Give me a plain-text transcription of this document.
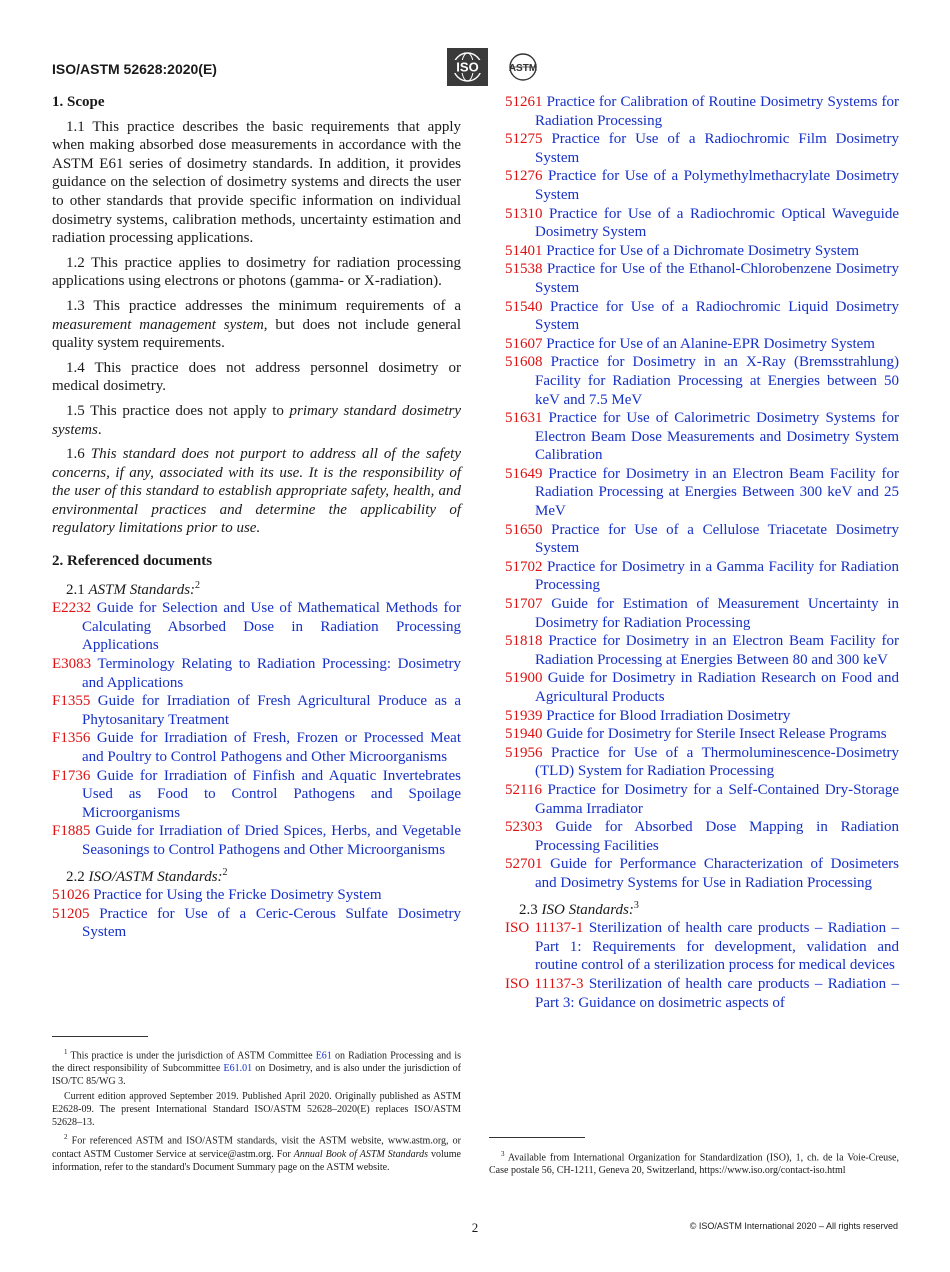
ISO/ASTM 52628:2020(E)	ISO	ASTM
1. Scope

1.1 This practice describes the basic requirements that apply when making absorbed dose measurements in accordance with the ASTM E61 series of dosimetry standards. In addition, it provides guidance on the selection of dosimetry systems and directs the user to other standards that provide specific information on individual dosimetry systems, calibration methods, uncertainty estimation and radiation processing applications.

1.2 This practice applies to dosimetry for radiation processing applications using electrons or photons (gamma- or X-radiation).

1.3 This practice addresses the minimum requirements of a measurement management system, but does not include general quality system requirements.

1.4 This practice does not address personnel dosimetry or medical dosimetry.

1.5 This practice does not apply to primary standard dosimetry systems.

1.6 This standard does not purport to address all of the safety concerns, if any, associated with its use. It is the responsibility of the user of this standard to establish appropriate safety, health, and environmental practices and determine the applicability of regulatory limitations prior to use.

2. Referenced documents

2.1 ASTM Standards:$^2$

E2232 Guide for Selection and Use of Mathematical Methods for Calculating Absorbed Dose in Radiation Processing Applications

E3083 Terminology Relating to Radiation Processing: Dosimetry and Applications

F1355 Guide for Irradiation of Fresh Agricultural Produce as a Phytosanitary Treatment

F1356 Guide for Irradiation of Fresh, Frozen or Processed Meat and Poultry to Control Pathogens and Other Microorganisms

F1736 Guide for Irradiation of Finfish and Aquatic Invertebrates Used as Food to Control Pathogens and Spoilage Microorganisms

F1885 Guide for Irradiation of Dried Spices, Herbs, and Vegetable Seasonings to Control Pathogens and Other Microorganisms

2.2 ISO/ASTM Standards:$^2$

51026 Practice for Using the Fricke Dosimetry System

51205 Practice for Use of a Ceric-Cerous Sulfate Dosimetry System

51261 Practice for Calibration of Routine Dosimetry Systems for Radiation Processing

51275 Practice for Use of a Radiochromic Film Dosimetry System

51276 Practice for Use of a Polymethylmethacrylate Dosimetry System

51310 Practice for Use of a Radiochromic Optical Waveguide Dosimetry System

51401 Practice for Use of a Dichromate Dosimetry System

51538 Practice for Use of the Ethanol-Chlorobenzene Dosimetry System

51540 Practice for Use of a Radiochromic Liquid Dosimetry System

51607 Practice for Use of an Alanine-EPR Dosimetry System

51608 Practice for Dosimetry in an X-Ray (Bremsstrahlung) Facility for Radiation Processing at Energies between 50 keV and 7.5 MeV

51631 Practice for Use of Calorimetric Dosimetry Systems for Electron Beam Dose Measurements and Dosimetry System Calibration

51649 Practice for Dosimetry in an Electron Beam Facility for Radiation Processing at Energies Between 300 keV and 25 MeV

51650 Practice for Use of a Cellulose Triacetate Dosimetry System

51702 Practice for Dosimetry in a Gamma Facility for Radiation Processing

51707 Guide for Estimation of Measurement Uncertainty in Dosimetry for Radiation Processing

51818 Practice for Dosimetry in an Electron Beam Facility for Radiation Processing at Energies Between 80 and 300 keV

51900 Guide for Dosimetry in Radiation Research on Food and Agricultural Products

51939 Practice for Blood Irradiation Dosimetry

51940 Guide for Dosimetry for Sterile Insect Release Programs

51956 Practice for Use of a Thermoluminescence-Dosimetry (TLD) System for Radiation Processing

52116 Practice for Dosimetry for a Self-Contained Dry-Storage Gamma Irradiator

52303 Guide for Absorbed Dose Mapping in Radiation Processing Facilities

52701 Guide for Performance Characterization of Dosimeters and Dosimetry Systems for Use in Radiation Processing

2.3 ISO Standards:$^3$

ISO 11137-1 Sterilization of health care products – Radiation – Part 1: Requirements for development, validation and routine control of a sterilization process for medical devices

ISO 11137-3 Sterilization of health care products – Radiation – Part 3: Guidance on dosimetric aspects of

$^1$ This practice is under the jurisdiction of ASTM Committee E61 on Radiation Processing and is the direct responsibility of Subcommittee E61.01 on Dosimetry, and is also under the jurisdiction of ISO/TC 85/WG 3.

Current edition approved September 2019. Published April 2020. Originally published as ASTM E2628-09. The present International Standard ISO/ASTM 52628–2020(E) replaces ISO/ASTM 52628–13.

$^2$ For referenced ASTM and ISO/ASTM standards, visit the ASTM website, www.astm.org, or contact ASTM Customer Service at service@astm.org. For Annual Book of ASTM Standards volume information, refer to the standard's Document Summary page on the ASTM website.

$^3$ Available from International Organization for Standardization (ISO), 1, ch. de la Voie-Creuse, Case postale 56, CH-1211, Geneva 20, Switzerland, https://www.iso.org/contact-iso.html

2	© ISO/ASTM International 2020 – All rights reserved
